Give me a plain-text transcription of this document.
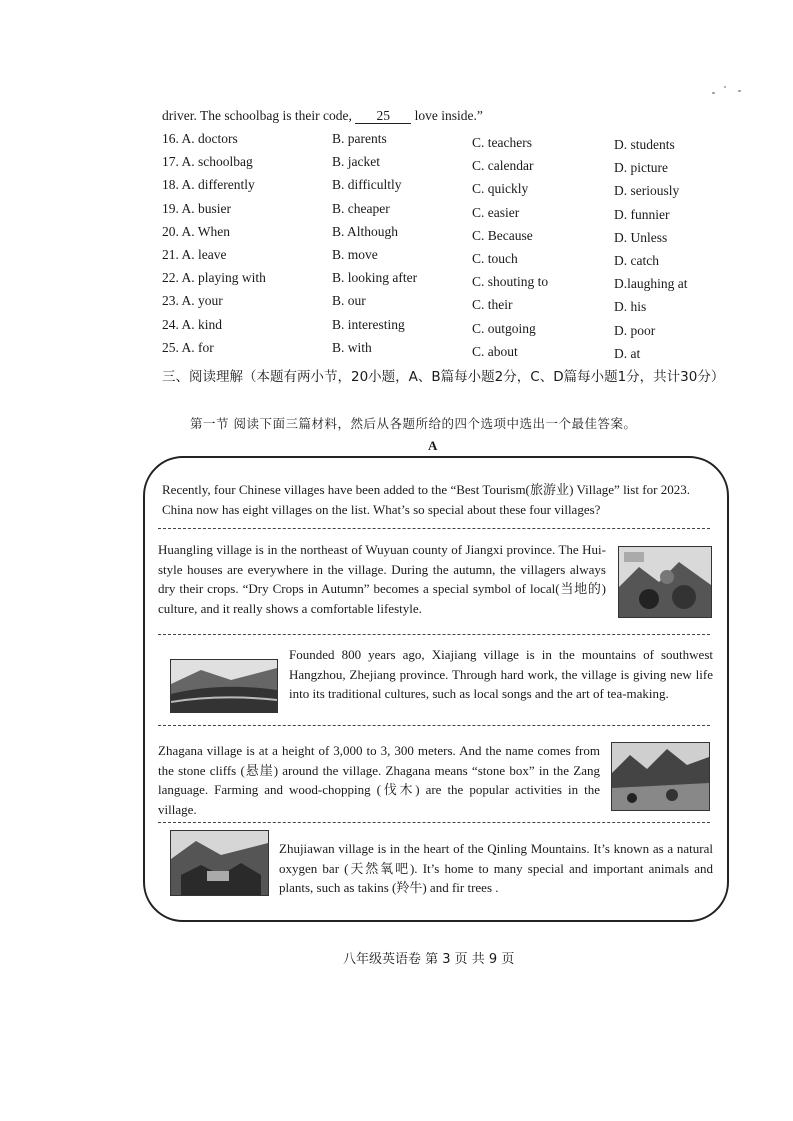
driver. The schoolbag is their code, 25 love inside.”
16. A. doctors	B. parents	C. teachers	D. students
17. A. schoolbag	B. jacket	C. calendar	D. picture
18. A. differently	B. difficultly	C. quickly	D. seriously
19. A. busier	B. cheaper	C. easier	D. funnier
20. A. When	B. Although	C. Because	D. Unless
21. A. leave	B. move	C. touch	D. catch
22. A. playing with	B. looking after	C. shouting to	D.laughing at
23. A. your	B. our	C. their	D. his
24. A. kind	B. interesting	C. outgoing	D. poor
25. A. for	B. with	C. about	D. at
三、阅读理解（本题有两小节，20小题，A、B篇每小题2分，C、D篇每小题1分，共计30分）
第一节 阅读下面三篇材料，然后从各题所给的四个选项中选出一个最佳答案。
A
Recently, four Chinese villages have been added to the “Best Tourism(旅游业) Village” list for 2023. China now has eight villages on the list. What’s so special about these four villages?
Huangling village is in the northeast of Wuyuan county of Jiangxi province. The Hui-style houses are everywhere in the village. During the autumn, the villagers always dry their crops. “Dry Crops in Autumn” becomes a special symbol of local(当地的) culture, and it really shows a comfortable lifestyle.
Founded 800 years ago, Xiajiang village is in the mountains of southwest Hangzhou, Zhejiang province. Through hard work, the village is giving new life into its traditional cultures, such as local songs and the art of tea-making.
Zhagana village is at a height of 3,000 to 3, 300 meters. And the name comes from the stone cliffs (悬崖) around the village. Zhagana means “stone box” in the Zang language. Farming and wood-chopping (伐木) are the popular activities in the village.
Zhujiawan village is in the heart of the Qinling Mountains. It’s known as a natural oxygen bar (天然氧吧). It’s home to many special and important animals and plants, such as takins (羚牛) and fir trees .
八年级英语卷 第 3 页 共 9 页
